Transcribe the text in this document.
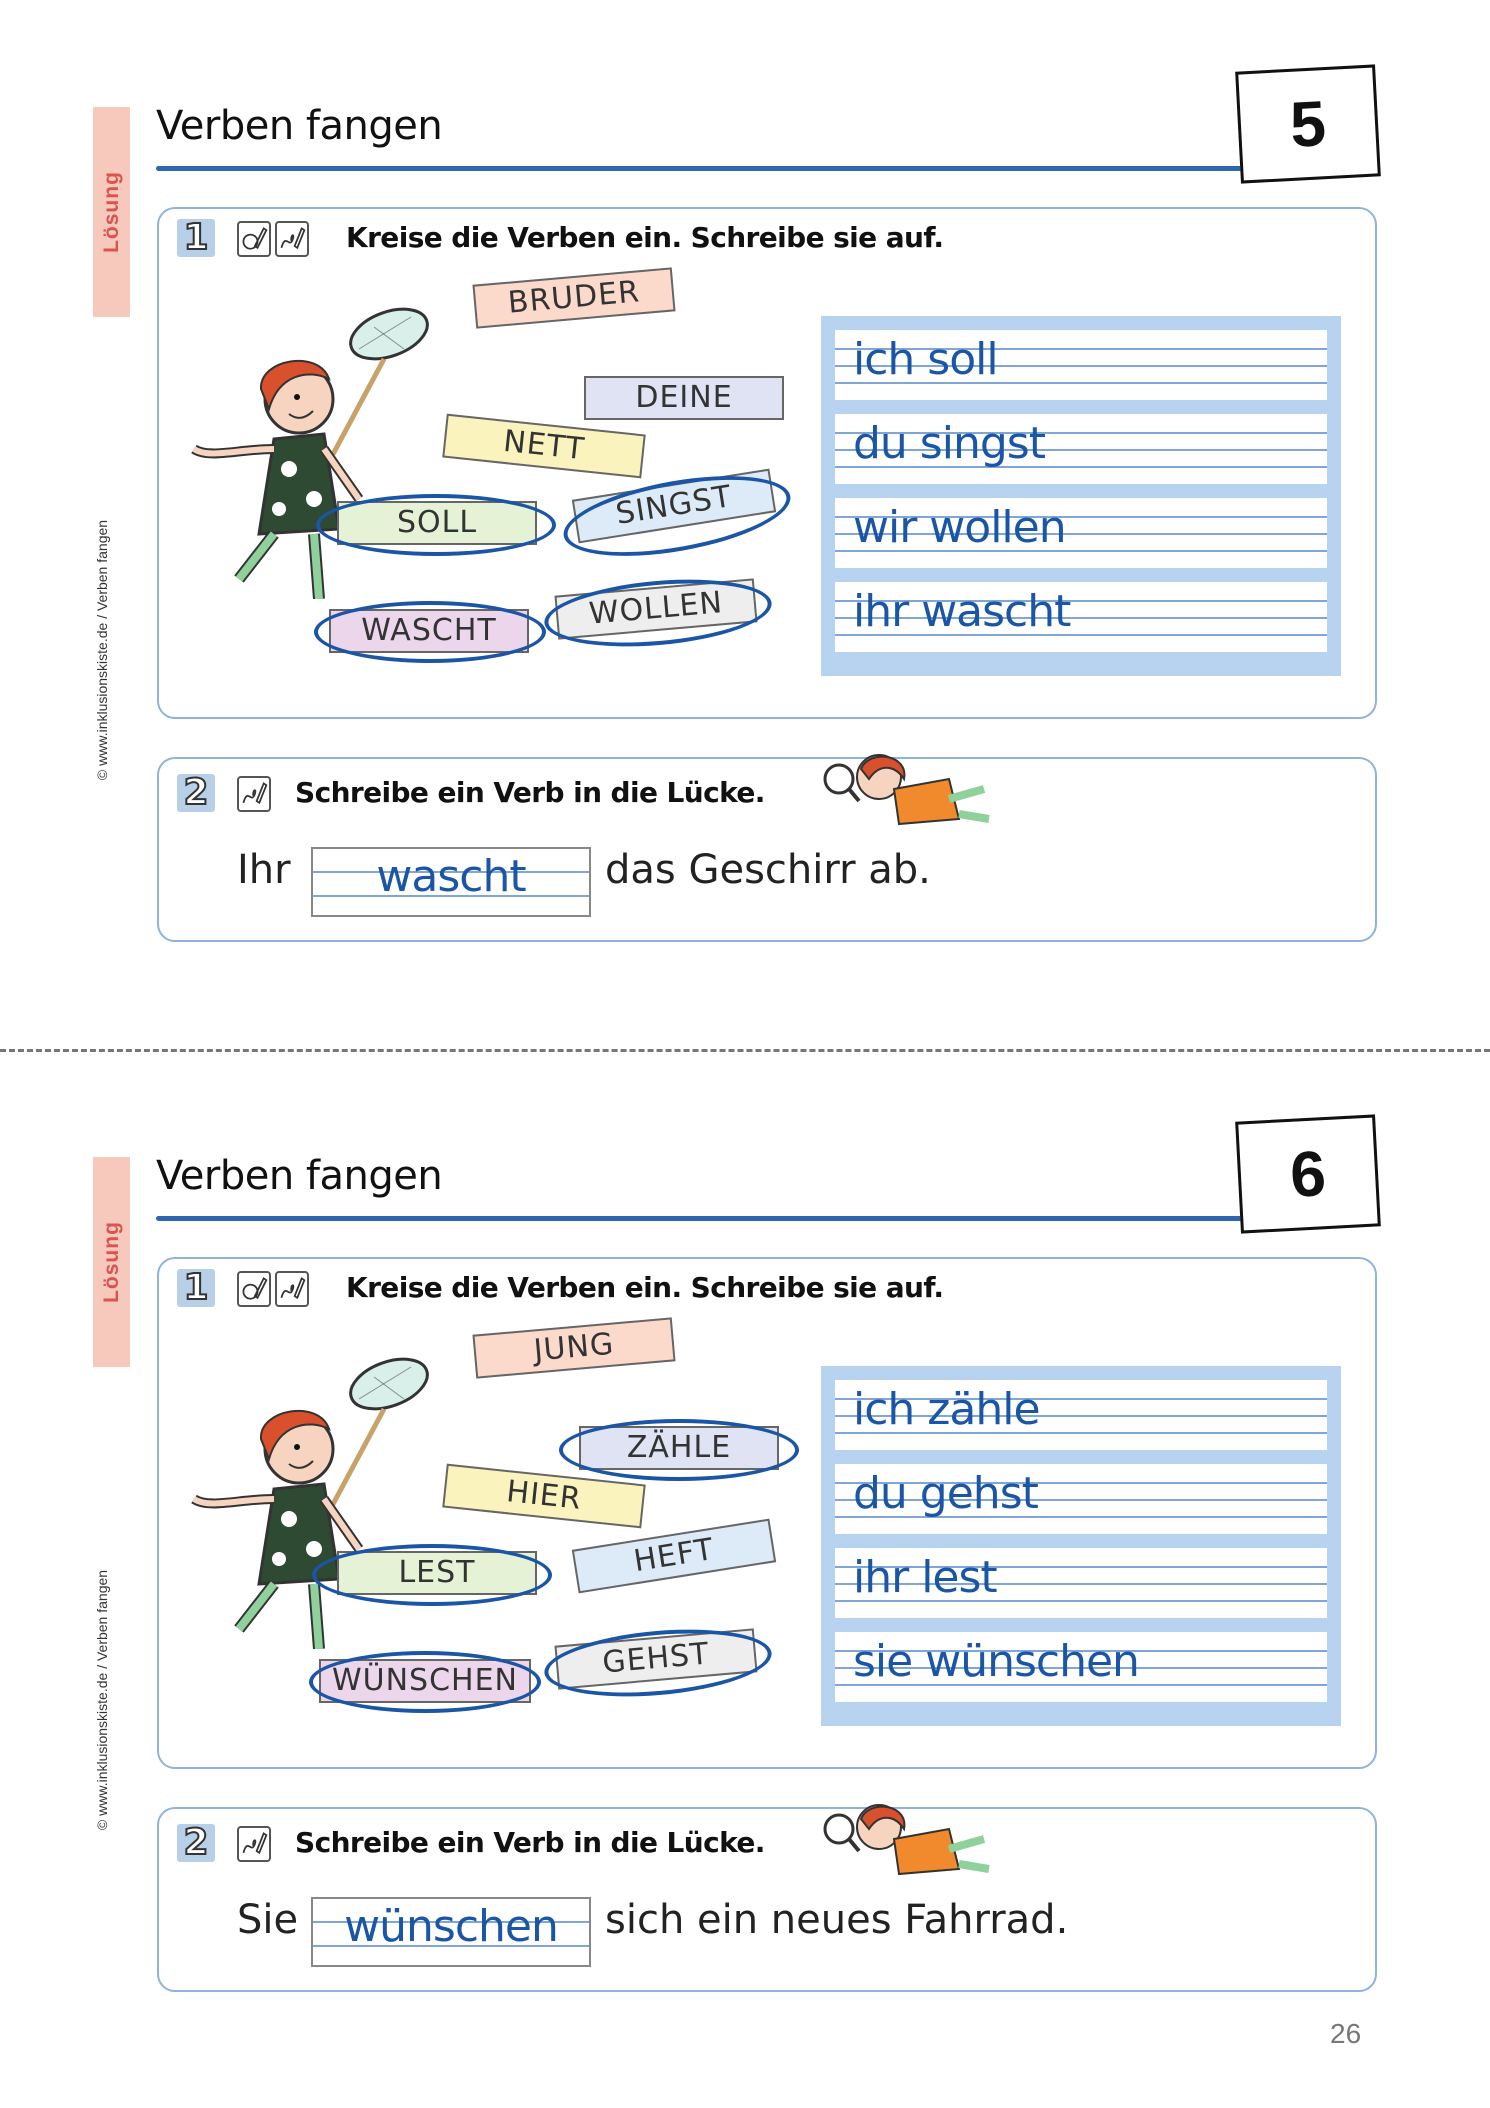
Lösung
© www.inklusionskiste.de / Verben fangen
Verben fangen	5
1	Kreise die Verben ein. Schreibe sie auf.
BRUDER
DEINE
NETT
SOLL	SINGST
WASCHT	WOLLEN
ich soll
du singst
wir wollen
ihr wascht
2	Schreibe ein Verb in die Lücke.
Ihr	wascht	das Geschirr ab.
Lösung
© www.inklusionskiste.de / Verben fangen
Verben fangen	6
1	Kreise die Verben ein. Schreibe sie auf.
JUNG
ZÄHLE
HIER
LEST	HEFT
WÜNSCHEN	GEHST
ich zähle
du gehst
ihr lest
sie wünschen
2	Schreibe ein Verb in die Lücke.
Sie	wünschen	sich ein neues Fahrrad.
26
